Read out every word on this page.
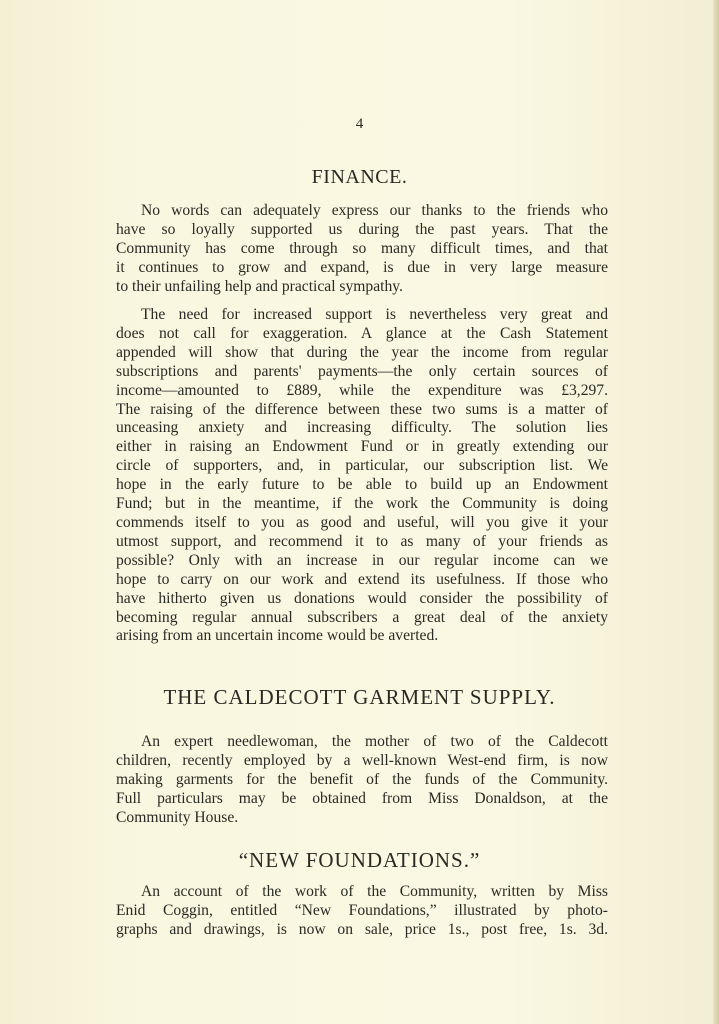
4
FINANCE.
No words can adequately express our thanks to the friends who
have so loyally supported us during the past years. That the
Community has come through so many difficult times, and that
it continues to grow and expand, is due in very large measure
to their unfailing help and practical sympathy.
The need for increased support is nevertheless very great and
does not call for exaggeration. A glance at the Cash Statement
appended will show that during the year the income from regular
subscriptions and parents' payments—the only certain sources of
income—amounted to £889, while the expenditure was £3,297.
The raising of the difference between these two sums is a matter of
unceasing anxiety and increasing difficulty. The solution lies
either in raising an Endowment Fund or in greatly extending our
circle of supporters, and, in particular, our subscription list. We
hope in the early future to be able to build up an Endowment
Fund; but in the meantime, if the work the Community is doing
commends itself to you as good and useful, will you give it your
utmost support, and recommend it to as many of your friends as
possible? Only with an increase in our regular income can we
hope to carry on our work and extend its usefulness. If those who
have hitherto given us donations would consider the possibility of
becoming regular annual subscribers a great deal of the anxiety
arising from an uncertain income would be averted.
THE CALDECOTT GARMENT SUPPLY.
An expert needlewoman, the mother of two of the Caldecott
children, recently employed by a well-known West-end firm, is now
making garments for the benefit of the funds of the Community.
Full particulars may be obtained from Miss Donaldson, at the
Community House.
“NEW FOUNDATIONS.”
An account of the work of the Community, written by Miss
Enid Coggin, entitled “New Foundations,” illustrated by photo-
graphs and drawings, is now on sale, price 1s., post free, 1s. 3d.
